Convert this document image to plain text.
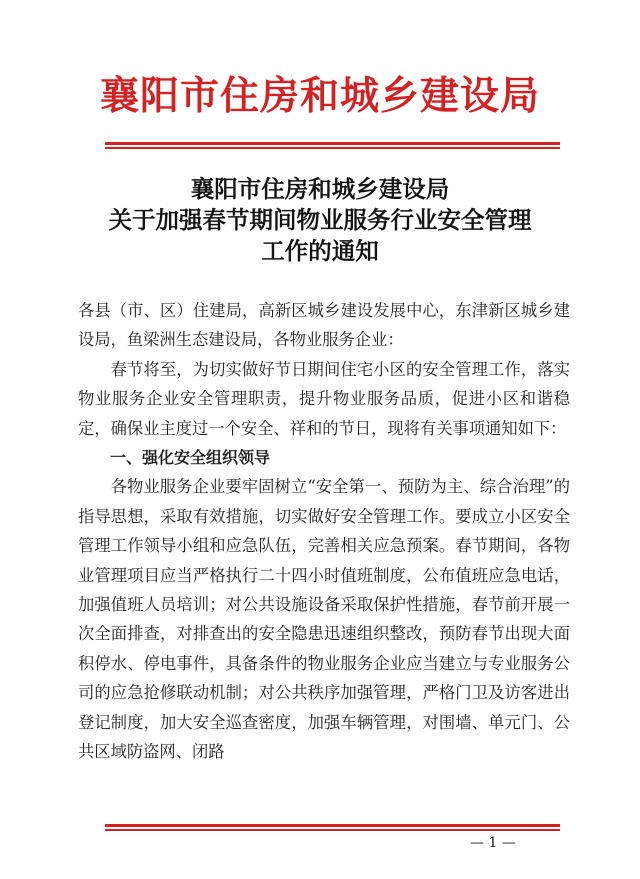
襄阳市住房和城乡建设局
襄阳市住房和城乡建设局
关于加强春节期间物业服务行业安全管理
工作的通知

各县（市、区）住建局，高新区城乡建设发展中心，东津新区城乡建设局，鱼梁洲生态建设局，各物业服务企业：

春节将至，为切实做好节日期间住宅小区的安全管理工作，落实物业服务企业安全管理职责，提升物业服务品质，促进小区和谐稳定，确保业主度过一个安全、祥和的节日，现将有关事项通知如下：

一、强化安全组织领导

各物业服务企业要牢固树立“安全第一、预防为主、综合治理”的指导思想，采取有效措施，切实做好安全管理工作。要成立小区安全管理工作领导小组和应急队伍，完善相关应急预案。春节期间，各物业管理项目应当严格执行二十四小时值班制度，公布值班应急电话，加强值班人员培训；对公共设施设备采取保护性措施，春节前开展一次全面排查，对排查出的安全隐患迅速组织整改，预防春节出现大面积停水、停电事件，具备条件的物业服务企业应当建立与专业服务公司的应急抢修联动机制；对公共秩序加强管理，严格门卫及访客进出登记制度，加大安全巡查密度，加强车辆管理，对围墙、单元门、公共区域防盗网、闭路

— 1 —
